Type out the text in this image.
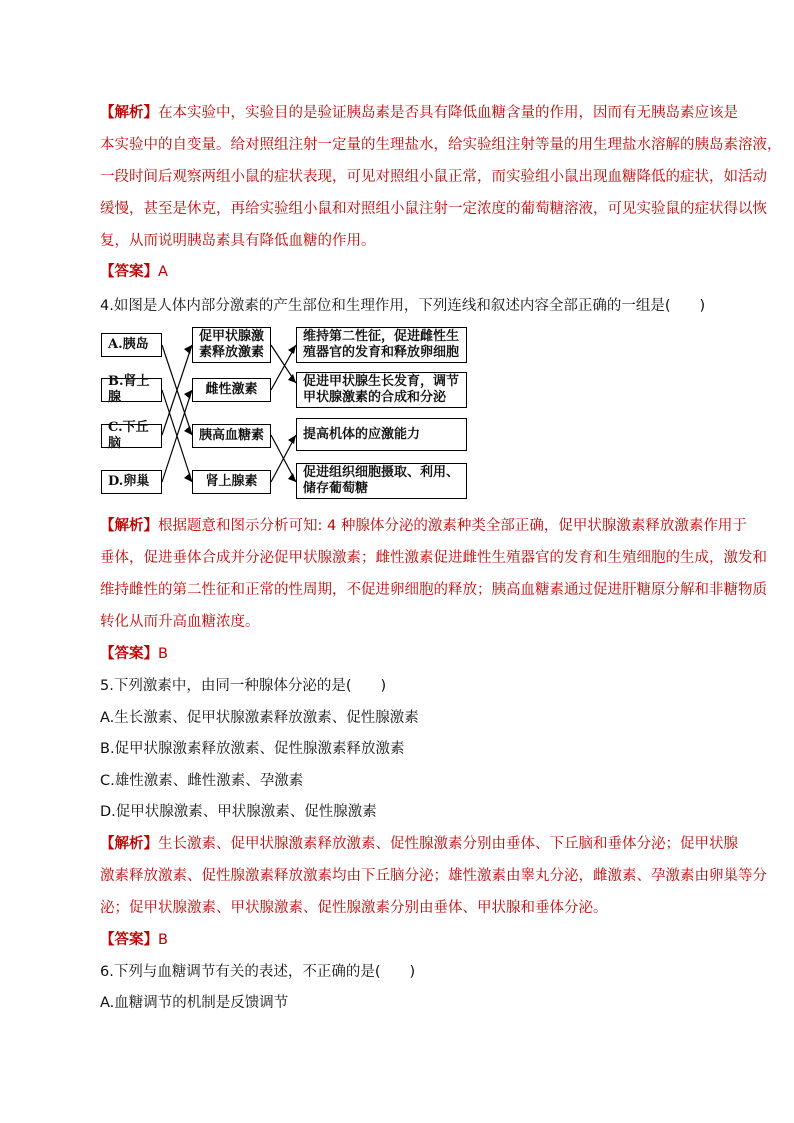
【解析】在本实验中，实验目的是验证胰岛素是否具有降低血糖含量的作用，因而有无胰岛素应该是
本实验中的自变量。给对照组注射一定量的生理盐水，给实验组注射等量的用生理盐水溶解的胰岛素溶液，
一段时间后观察两组小鼠的症状表现，可见对照组小鼠正常，而实验组小鼠出现血糖降低的症状，如活动
缓慢，甚至是休克，再给实验组小鼠和对照组小鼠注射一定浓度的葡萄糖溶液，可见实验鼠的症状得以恢
复，从而说明胰岛素具有降低血糖的作用。
【答案】A
4.如图是人体内部分激素的产生部位和生理作用，下列连线和叙述内容全部正确的一组是(　　)
A.胰岛
B.肾上腺
C.下丘脑
D.卵巢
促甲状腺激
素释放激素
雌性激素
胰高血糖素
肾上腺素
维持第二性征，促进雌性生
殖器官的发育和释放卵细胞
促进甲状腺生长发育，调节
甲状腺激素的合成和分泌
提高机体的应激能力
促进组织细胞摄取、利用、
储存葡萄糖
【解析】根据题意和图示分析可知: 4 种腺体分泌的激素种类全部正确，促甲状腺激素释放激素作用于
垂体，促进垂体合成并分泌促甲状腺激素；雌性激素促进雌性生殖器官的发育和生殖细胞的生成，激发和
维持雌性的第二性征和正常的性周期，不促进卵细胞的释放；胰高血糖素通过促进肝糖原分解和非糖物质
转化从而升高血糖浓度。
【答案】B
5.下列激素中，由同一种腺体分泌的是(　　)
A.生长激素、促甲状腺激素释放激素、促性腺激素
B.促甲状腺激素释放激素、促性腺激素释放激素
C.雄性激素、雌性激素、孕激素
D.促甲状腺激素、甲状腺激素、促性腺激素
【解析】生长激素、促甲状腺激素释放激素、促性腺激素分别由垂体、下丘脑和垂体分泌；促甲状腺
激素释放激素、促性腺激素释放激素均由下丘脑分泌；雄性激素由睾丸分泌，雌激素、孕激素由卵巢等分
泌；促甲状腺激素、甲状腺激素、促性腺激素分别由垂体、甲状腺和垂体分泌。
【答案】B
6.下列与血糖调节有关的表述，不正确的是(　　)
A.血糖调节的机制是反馈调节
